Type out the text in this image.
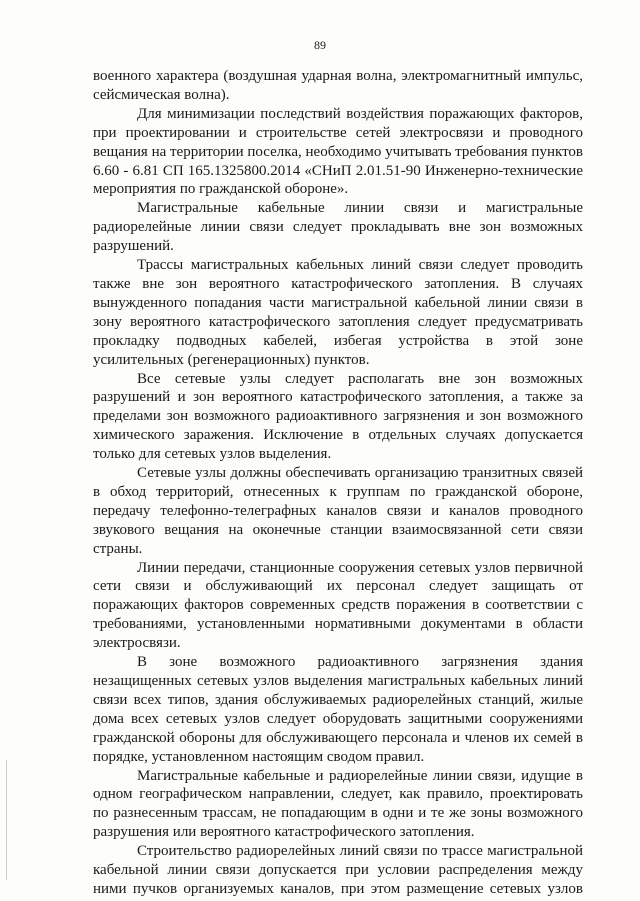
89

военного характера (воздушная ударная волна, электромагнитный импульс, сейсмическая волна).

Для минимизации последствий воздействия поражающих факторов, при проектировании и строительстве сетей электросвязи и проводного вещания на территории поселка, необходимо учитывать требования пунктов 6.60 - 6.81 СП 165.1325800.2014 «СНиП 2.01.51-90 Инженерно-технические мероприятия по гражданской обороне».

Магистральные кабельные линии связи и магистральные радиорелейные линии связи следует прокладывать вне зон возможных разрушений.

Трассы магистральных кабельных линий связи следует проводить также вне зон вероятного катастрофического затопления. В случаях вынужденного попадания части магистральной кабельной линии связи в зону вероятного катастрофического затопления следует предусматривать прокладку подводных кабелей, избегая устройства в этой зоне усилительных (регенерационных) пунктов.

Все сетевые узлы следует располагать вне зон возможных разрушений и зон вероятного катастрофического затопления, а также за пределами зон возможного радиоактивного загрязнения и зон возможного химического заражения. Исключение в отдельных случаях допускается только для сетевых узлов выделения.

Сетевые узлы должны обеспечивать организацию транзитных связей в обход территорий, отнесенных к группам по гражданской обороне, передачу телефонно-телеграфных каналов связи и каналов проводного звукового вещания на оконечные станции взаимосвязанной сети связи страны.

Линии передачи, станционные сооружения сетевых узлов первичной сети связи и обслуживающий их персонал следует защищать от поражающих факторов современных средств поражения в соответствии с требованиями, установленными нормативными документами в области электросвязи.

В зоне возможного радиоактивного загрязнения здания незащищенных сетевых узлов выделения магистральных кабельных линий связи всех типов, здания обслуживаемых радиорелейных станций, жилые дома всех сетевых узлов следует оборудовать защитными сооружениями гражданской обороны для обслуживающего персонала и членов их семей в порядке, установленном настоящим сводом правил.

Магистральные кабельные и радиорелейные линии связи, идущие в одном географическом направлении, следует, как правило, проектировать по разнесенным трассам, не попадающим в одни и те же зоны возможного разрушения или вероятного катастрофического затопления.

Строительство радиорелейных линий связи по трассе магистральной кабельной линии связи допускается при условии распределения между ними пучков организуемых каналов, при этом размещение сетевых узлов
